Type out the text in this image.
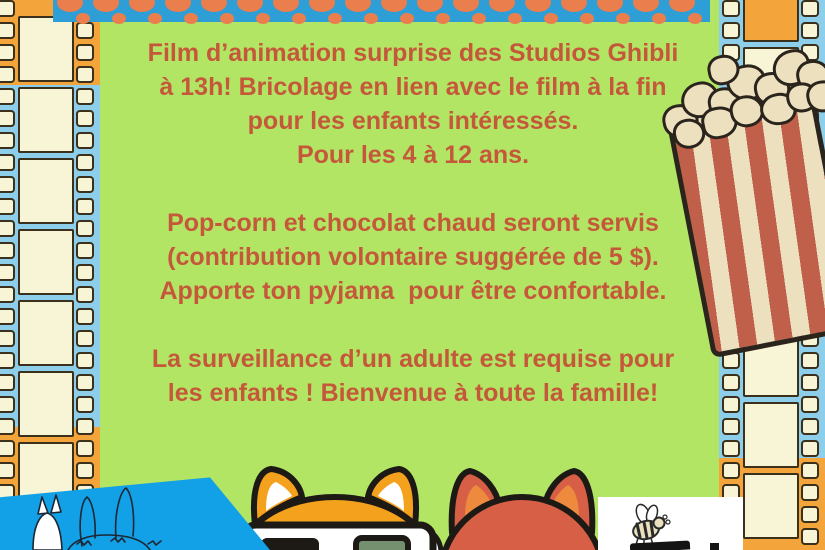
Film d’animation surprise des Studios Ghibli
à 13h! Bricolage en lien avec le film à la fin
pour les enfants intéressés.
Pour les 4 à 12 ans.

Pop-corn et chocolat chaud seront servis
(contribution volontaire suggérée de 5 $).
Apporte ton pyjama  pour être confortable.

La surveillance d’un adulte est requise pour
les enfants ! Bienvenue à toute la famille!
